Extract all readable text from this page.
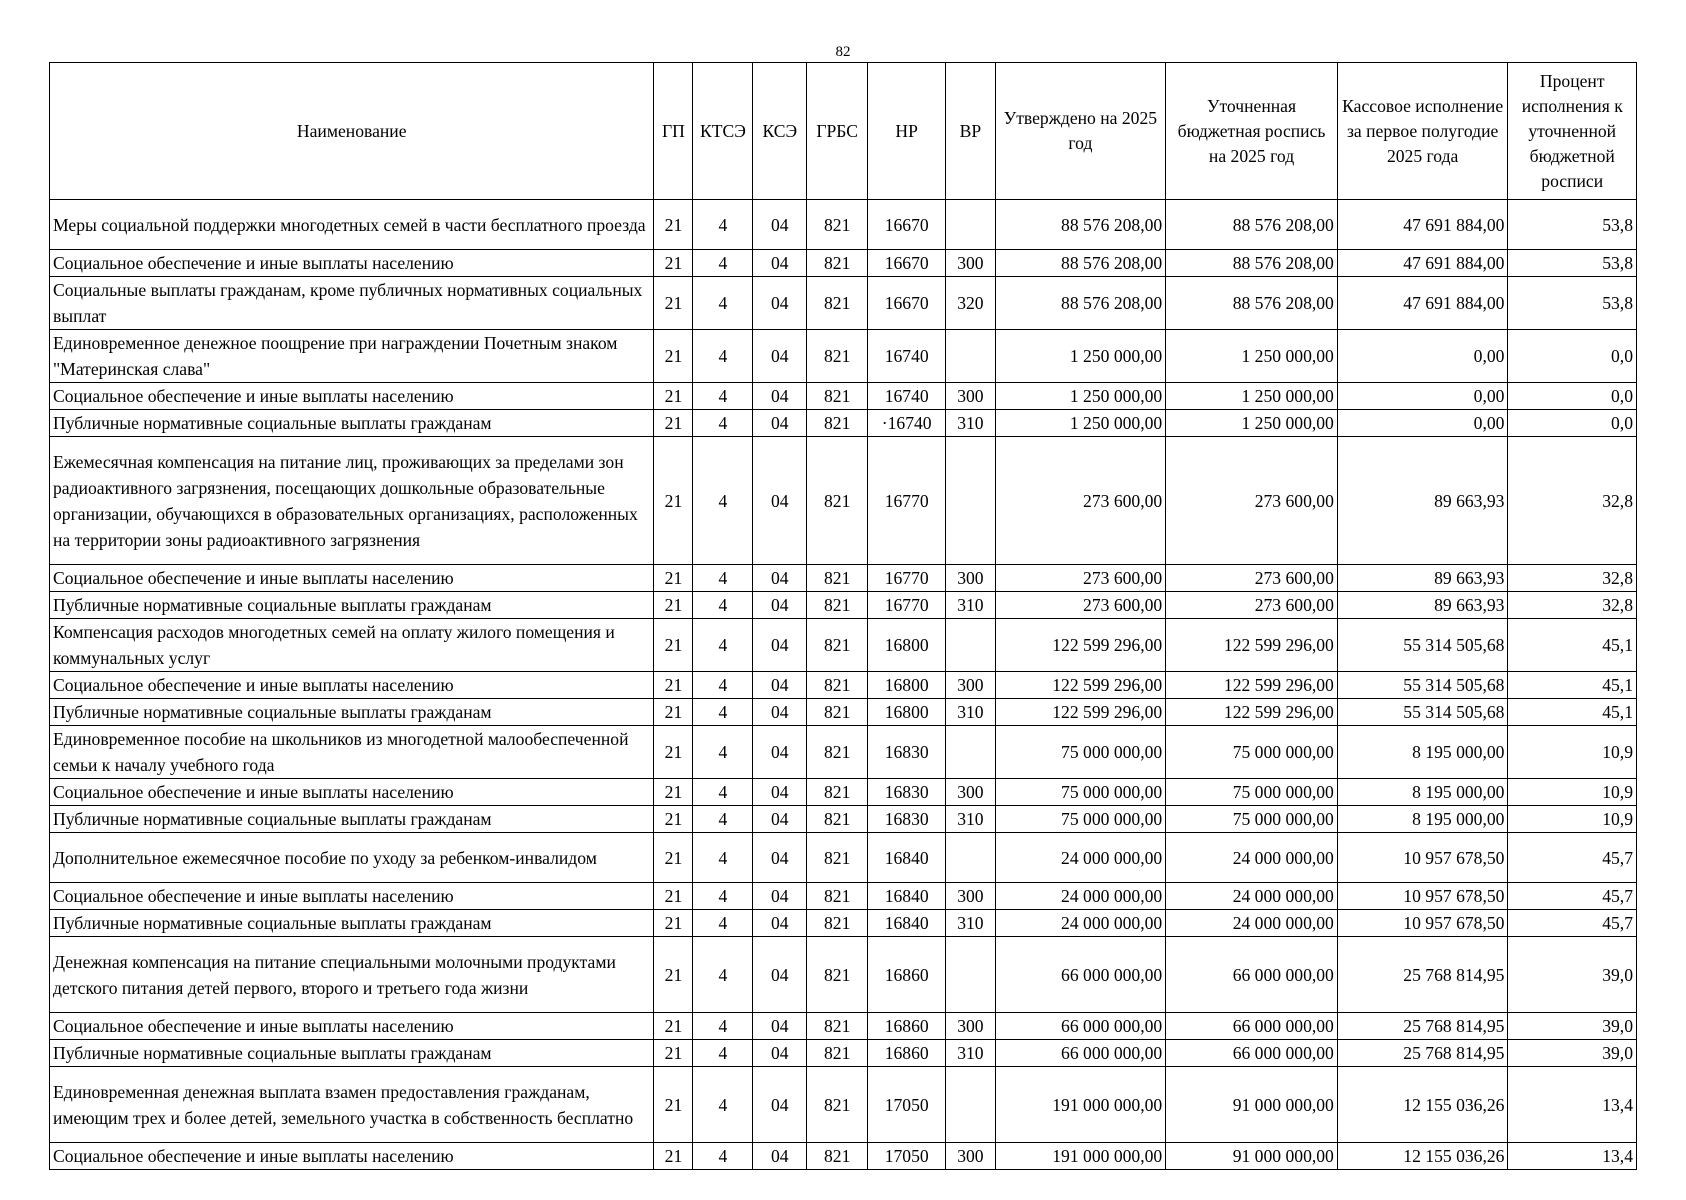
82
Наименование	ГП	КТСЭ	КСЭ	ГРБС	НР	ВР	Утверждено на 2025 год	Уточненная бюджетная роспись на 2025 год	Кассовое исполнение за первое полугодие 2025 года	Процент исполнения к уточненной бюджетной росписи
Меры социальной поддержки многодетных семей в части бесплатного проезда	21	4	04	821	16670		88 576 208,00	88 576 208,00	47 691 884,00	53,8
Социальное обеспечение и иные выплаты населению	21	4	04	821	16670	300	88 576 208,00	88 576 208,00	47 691 884,00	53,8
Социальные выплаты гражданам, кроме публичных нормативных социальных выплат	21	4	04	821	16670	320	88 576 208,00	88 576 208,00	47 691 884,00	53,8
Единовременное денежное поощрение при награждении Почетным знаком "Материнская слава"	21	4	04	821	16740		1 250 000,00	1 250 000,00	0,00	0,0
Социальное обеспечение и иные выплаты населению	21	4	04	821	16740	300	1 250 000,00	1 250 000,00	0,00	0,0
Публичные нормативные социальные выплаты гражданам	21	4	04	821	·16740	310	1 250 000,00	1 250 000,00	0,00	0,0
Ежемесячная компенсация на питание лиц, проживающих за пределами зон радиоактивного загрязнения, посещающих дошкольные образовательные организации, обучающихся в образовательных организациях, расположенных на территории зоны радиоактивного загрязнения	21	4	04	821	16770		273 600,00	273 600,00	89 663,93	32,8
Социальное обеспечение и иные выплаты населению	21	4	04	821	16770	300	273 600,00	273 600,00	89 663,93	32,8
Публичные нормативные социальные выплаты гражданам	21	4	04	821	16770	310	273 600,00	273 600,00	89 663,93	32,8
Компенсация расходов многодетных семей на оплату жилого помещения и коммунальных услуг	21	4	04	821	16800		122 599 296,00	122 599 296,00	55 314 505,68	45,1
Социальное обеспечение и иные выплаты населению	21	4	04	821	16800	300	122 599 296,00	122 599 296,00	55 314 505,68	45,1
Публичные нормативные социальные выплаты гражданам	21	4	04	821	16800	310	122 599 296,00	122 599 296,00	55 314 505,68	45,1
Единовременное пособие на школьников из многодетной малообеспеченной семьи к началу учебного года	21	4	04	821	16830		75 000 000,00	75 000 000,00	8 195 000,00	10,9
Социальное обеспечение и иные выплаты населению	21	4	04	821	16830	300	75 000 000,00	75 000 000,00	8 195 000,00	10,9
Публичные нормативные социальные выплаты гражданам	21	4	04	821	16830	310	75 000 000,00	75 000 000,00	8 195 000,00	10,9
Дополнительное ежемесячное пособие по уходу за ребенком-инвалидом	21	4	04	821	16840		24 000 000,00	24 000 000,00	10 957 678,50	45,7
Социальное обеспечение и иные выплаты населению	21	4	04	821	16840	300	24 000 000,00	24 000 000,00	10 957 678,50	45,7
Публичные нормативные социальные выплаты гражданам	21	4	04	821	16840	310	24 000 000,00	24 000 000,00	10 957 678,50	45,7
Денежная компенсация на питание специальными молочными продуктами детского питания детей первого, второго и третьего года жизни	21	4	04	821	16860		66 000 000,00	66 000 000,00	25 768 814,95	39,0
Социальное обеспечение и иные выплаты населению	21	4	04	821	16860	300	66 000 000,00	66 000 000,00	25 768 814,95	39,0
Публичные нормативные социальные выплаты гражданам	21	4	04	821	16860	310	66 000 000,00	66 000 000,00	25 768 814,95	39,0
Единовременная денежная выплата взамен предоставления гражданам, имеющим трех и более детей, земельного участка в собственность бесплатно	21	4	04	821	17050		191 000 000,00	91 000 000,00	12 155 036,26	13,4
Социальное обеспечение и иные выплаты населению	21	4	04	821	17050	300	191 000 000,00	91 000 000,00	12 155 036,26	13,4
